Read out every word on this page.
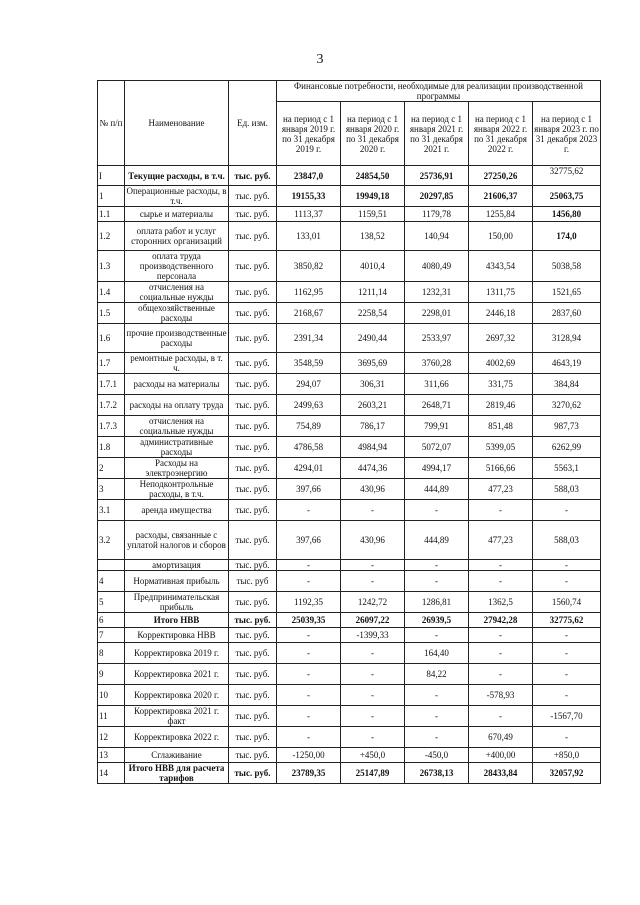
3
№ п/п	Наименование	Ед. изм.	Финансовые потребности, необходимые для реализации производственной программы				
			на период с 1 января 2019 г. по 31 декабря 2019 г.	на период с 1 января 2020 г. по 31 декабря 2020 г.	на период с 1 января 2021 г. по 31 декабря 2021 г.	на период с 1 января 2022 г. по 31 декабря 2022 г.	на период с 1 января 2023 г. по 31 декабря 2023 г.
I	Текущие расходы, в т.ч.	тыс. руб.	23847,0	24854,50	25736,91	27250,26	32775,62
1	Операционные расходы, в т.ч.	тыс. руб.	19155,33	19949,18	20297,85	21606,37	25063,75
1.1	сырье и материалы	тыс. руб.	1113,37	1159,51	1179,78	1255,84	1456,80
1.2	оплата работ и услуг сторонних организаций	тыс. руб.	133,01	138,52	140,94	150,00	174,0
1.3	оплата труда производственного персонала	тыс. руб.	3850,82	4010,4	4080,49	4343,54	5038,58
1.4	отчисления на социальные нужды	тыс. руб.	1162,95	1211,14	1232,31	1311,75	1521,65
1.5	общехозяйственные расходы	тыс. руб.	2168,67	2258,54	2298,01	2446,18	2837,60
1.6	прочие производственные расходы	тыс. руб.	2391,34	2490,44	2533,97	2697,32	3128,94
1.7	ремонтные расходы, в т. ч.	тыс. руб.	3548,59	3695,69	3760,28	4002,69	4643,19
1.7.1	расходы на материалы	тыс. руб.	294,07	306,31	311,66	331,75	384,84
1.7.2	расходы на оплату труда	тыс. руб.	2499,63	2603,21	2648,71	2819,46	3270,62
1.7.3	отчисления на социальные нужды	тыс. руб.	754,89	786,17	799,91	851,48	987,73
1.8	административные расходы	тыс. руб.	4786,58	4984,94	5072,07	5399,05	6262,99
2	Расходы на электроэнергию	тыс. руб.	4294,01	4474,36	4994,17	5166,66	5563,1
3	Неподконтрольные расходы, в т.ч.	тыс. руб.	397,66	430,96	444,89	477,23	588,03
3.1	аренда имущества	тыс. руб.	-	-	-	-	-
3.2	расходы, связанные с уплатой налогов и сборов	тыс. руб.	397,66	430,96	444,89	477,23	588,03
	амортизация	тыс. руб.	-	-	-	-	-
4	Нормативная прибыль	тыс. руб	-	-	-	-	-
5	Предпринимательская прибыль	тыс. руб.	1192,35	1242,72	1286,81	1362,5	1560,74
6	Итого НВВ	тыс. руб.	25039,35	26097,22	26939,5	27942,28	32775,62
7	Корректировка НВВ	тыс. руб.	-	-1399,33	-	-	-
8	Корректировка 2019 г.	тыс. руб.	-	-	164,40	-	-
9	Корректировка 2021 г.	тыс. руб.	-	-	84,22	-	-
10	Корректировка 2020 г.	тыс. руб.	-	-	-	-578,93	-
11	Корректировка 2021 г. факт	тыс. руб.	-	-	-	-	-1567,70
12	Корректировка 2022 г.	тыс. руб.	-	-	-	670,49	-
13	Сглаживание	тыс. руб.	-1250,00	+450,0	-450,0	+400,00	+850,0
14	Итого НВВ для расчета тарифов	тыс. руб.	23789,35	25147,89	26738,13	28433,84	32057,92
